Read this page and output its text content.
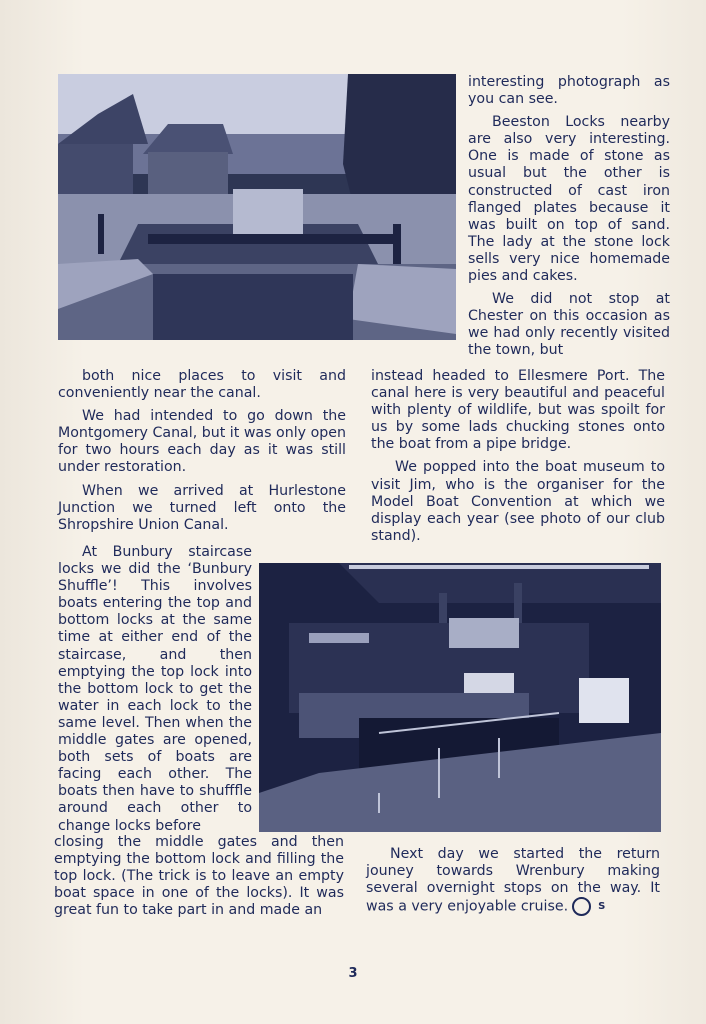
interesting photograph as you can see.

Beeston Locks nearby are also very interesting. One is made of stone as usual but the other is constructed of cast iron flanged plates because it was built on top of sand. The lady at the stone lock sells very nice homemade pies and cakes.

We did not stop at Chester on this occasion as we had only recently visited the town, but

instead headed to Ellesmere Port. The canal here is very beautiful and peaceful with plenty of wildlife, but was spoilt for us by some lads chucking stones onto the boat from a pipe bridge.

We popped into the boat museum to visit Jim, who is the organiser for the Model Boat Convention at which we display each year (see photo of our club stand).

both nice places to visit and conveniently near the canal.

We had intended to go down the Montgomery Canal, but it was only open for two hours each day as it was still under restoration.

When we arrived at Hurlestone Junction we turned left onto the Shropshire Union Canal.

At Bunbury staircase locks we did the ‘Bunbury Shuffle’! This involves boats entering the top and bottom locks at the same time at either end of the staircase, and then emptying the top lock into the bottom lock to get the water in each lock to the same level. Then when the middle gates are opened, both sets of boats are facing each other. The boats then have to shufffle around each other to change locks before

closing the middle gates and then emptying the bottom lock and filling the top lock. (The trick is to leave an empty boat space in one of the locks). It was great fun to take part in and made an

Next day we started the return jouney towards Wrenbury making several overnight stops on the way. It was a very enjoyable cruise.	S

3
